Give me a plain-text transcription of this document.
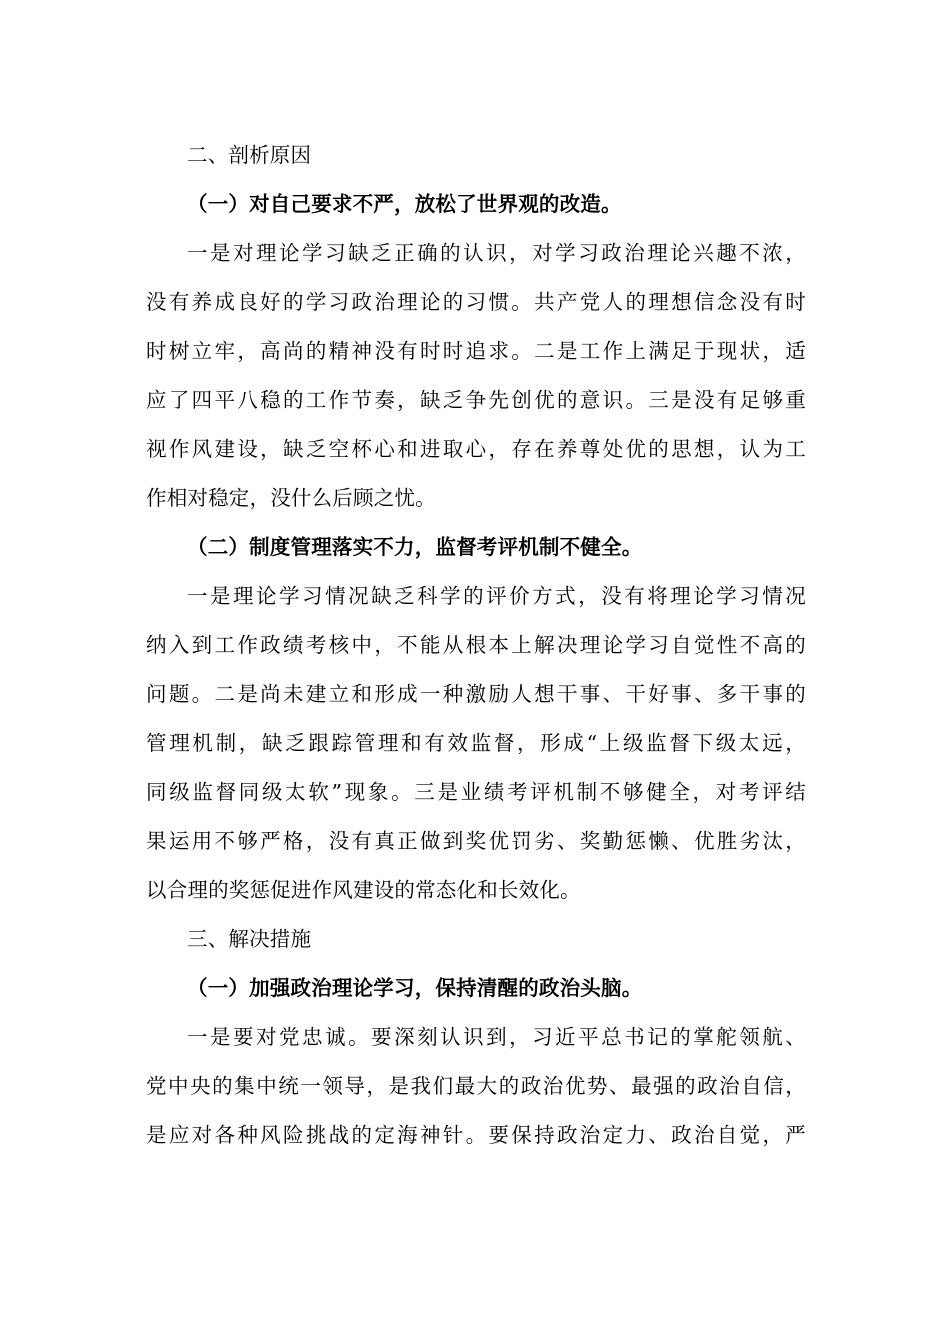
二、剖析原因
（一）对自己要求不严，放松了世界观的改造。
一是对理论学习缺乏正确的认识，对学习政治理论兴趣不浓，
没有养成良好的学习政治理论的习惯。共产党人的理想信念没有时
时树立牢，高尚的精神没有时时追求。二是工作上满足于现状，适
应了四平八稳的工作节奏，缺乏争先创优的意识。三是没有足够重
视作风建设，缺乏空杯心和进取心，存在养尊处优的思想，认为工
作相对稳定，没什么后顾之忧。
（二）制度管理落实不力，监督考评机制不健全。
一是理论学习情况缺乏科学的评价方式，没有将理论学习情况
纳入到工作政绩考核中，不能从根本上解决理论学习自觉性不高的
问题。二是尚未建立和形成一种激励人想干事、干好事、多干事的
管理机制，缺乏跟踪管理和有效监督，形成“上级监督下级太远，
同级监督同级太软”现象。三是业绩考评机制不够健全，对考评结
果运用不够严格，没有真正做到奖优罚劣、奖勤惩懒、优胜劣汰，
以合理的奖惩促进作风建设的常态化和长效化。
三、解决措施
（一）加强政治理论学习，保持清醒的政治头脑。
一是要对党忠诚。要深刻认识到，习近平总书记的掌舵领航、
党中央的集中统一领导，是我们最大的政治优势、最强的政治自信，
是应对各种风险挑战的定海神针。要保持政治定力、政治自觉，严
